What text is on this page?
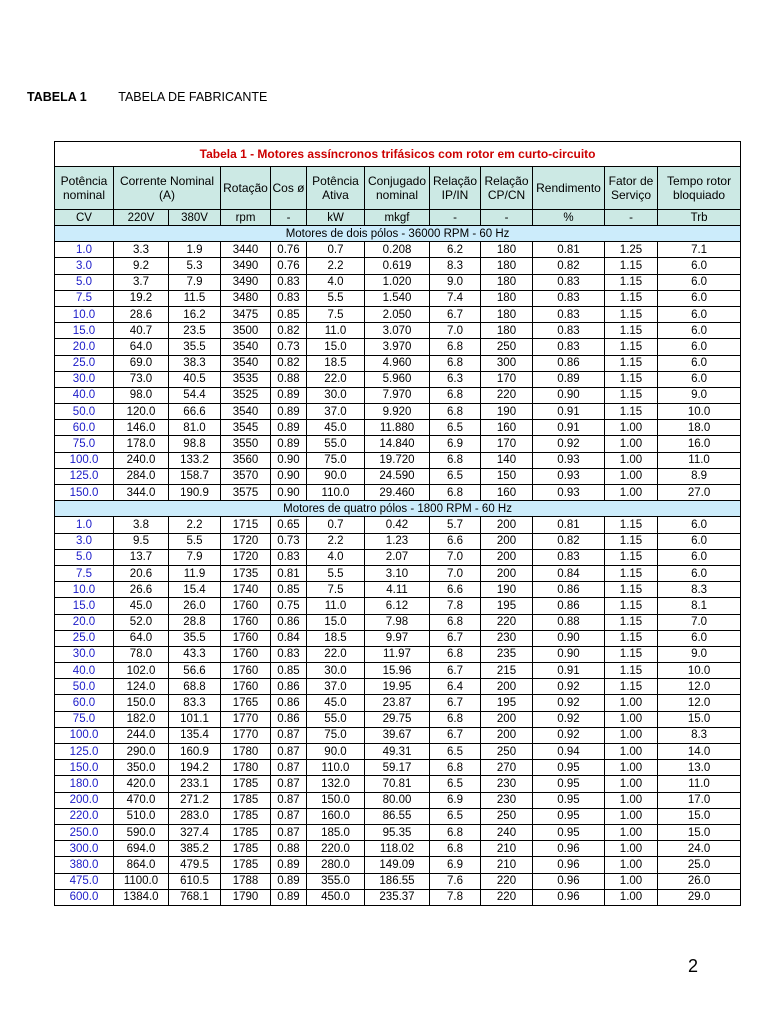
TABELA 1	TABELA DE FABRICANTE
Tabela 1 - Motores assíncronos trifásicos com rotor em curto-circuito											
Potência nominal	Corrente Nominal (A)		Rotação	Cos ø	Potência Ativa	Conjugado nominal	Relação IP/IN	Relação CP/CN	Rendimento	Fator de Serviço	Tempo rotor bloquiado
CV	220V	380V	rpm	-	kW	mkgf	-	-	%	-	Trb
Motores de dois pólos - 36000 RPM - 60 Hz											
1.0	3.3	1.9	3440	0.76	0.7	0.208	6.2	180	0.81	1.25	7.1
3.0	9.2	5.3	3490	0.76	2.2	0.619	8.3	180	0.82	1.15	6.0
5.0	3.7	7.9	3490	0.83	4.0	1.020	9.0	180	0.83	1.15	6.0
7.5	19.2	11.5	3480	0.83	5.5	1.540	7.4	180	0.83	1.15	6.0
10.0	28.6	16.2	3475	0.85	7.5	2.050	6.7	180	0.83	1.15	6.0
15.0	40.7	23.5	3500	0.82	11.0	3.070	7.0	180	0.83	1.15	6.0
20.0	64.0	35.5	3540	0.73	15.0	3.970	6.8	250	0.83	1.15	6.0
25.0	69.0	38.3	3540	0.82	18.5	4.960	6.8	300	0.86	1.15	6.0
30.0	73.0	40.5	3535	0.88	22.0	5.960	6.3	170	0.89	1.15	6.0
40.0	98.0	54.4	3525	0.89	30.0	7.970	6.8	220	0.90	1.15	9.0
50.0	120.0	66.6	3540	0.89	37.0	9.920	6.8	190	0.91	1.15	10.0
60.0	146.0	81.0	3545	0.89	45.0	11.880	6.5	160	0.91	1.00	18.0
75.0	178.0	98.8	3550	0.89	55.0	14.840	6.9	170	0.92	1.00	16.0
100.0	240.0	133.2	3560	0.90	75.0	19.720	6.8	140	0.93	1.00	11.0
125.0	284.0	158.7	3570	0.90	90.0	24.590	6.5	150	0.93	1.00	8.9
150.0	344.0	190.9	3575	0.90	110.0	29.460	6.8	160	0.93	1.00	27.0
Motores de quatro pólos - 1800 RPM - 60 Hz											
1.0	3.8	2.2	1715	0.65	0.7	0.42	5.7	200	0.81	1.15	6.0
3.0	9.5	5.5	1720	0.73	2.2	1.23	6.6	200	0.82	1.15	6.0
5.0	13.7	7.9	1720	0.83	4.0	2.07	7.0	200	0.83	1.15	6.0
7.5	20.6	11.9	1735	0.81	5.5	3.10	7.0	200	0.84	1.15	6.0
10.0	26.6	15.4	1740	0.85	7.5	4.11	6.6	190	0.86	1.15	8.3
15.0	45.0	26.0	1760	0.75	11.0	6.12	7.8	195	0.86	1.15	8.1
20.0	52.0	28.8	1760	0.86	15.0	7.98	6.8	220	0.88	1.15	7.0
25.0	64.0	35.5	1760	0.84	18.5	9.97	6.7	230	0.90	1.15	6.0
30.0	78.0	43.3	1760	0.83	22.0	11.97	6.8	235	0.90	1.15	9.0
40.0	102.0	56.6	1760	0.85	30.0	15.96	6.7	215	0.91	1.15	10.0
50.0	124.0	68.8	1760	0.86	37.0	19.95	6.4	200	0.92	1.15	12.0
60.0	150.0	83.3	1765	0.86	45.0	23.87	6.7	195	0.92	1.00	12.0
75.0	182.0	101.1	1770	0.86	55.0	29.75	6.8	200	0.92	1.00	15.0
100.0	244.0	135.4	1770	0.87	75.0	39.67	6.7	200	0.92	1.00	8.3
125.0	290.0	160.9	1780	0.87	90.0	49.31	6.5	250	0.94	1.00	14.0
150.0	350.0	194.2	1780	0.87	110.0	59.17	6.8	270	0.95	1.00	13.0
180.0	420.0	233.1	1785	0.87	132.0	70.81	6.5	230	0.95	1.00	11.0
200.0	470.0	271.2	1785	0.87	150.0	80.00	6.9	230	0.95	1.00	17.0
220.0	510.0	283.0	1785	0.87	160.0	86.55	6.5	250	0.95	1.00	15.0
250.0	590.0	327.4	1785	0.87	185.0	95.35	6.8	240	0.95	1.00	15.0
300.0	694.0	385.2	1785	0.88	220.0	118.02	6.8	210	0.96	1.00	24.0
380.0	864.0	479.5	1785	0.89	280.0	149.09	6.9	210	0.96	1.00	25.0
475.0	1100.0	610.5	1788	0.89	355.0	186.55	7.6	220	0.96	1.00	26.0
600.0	1384.0	768.1	1790	0.89	450.0	235.37	7.8	220	0.96	1.00	29.0
2
